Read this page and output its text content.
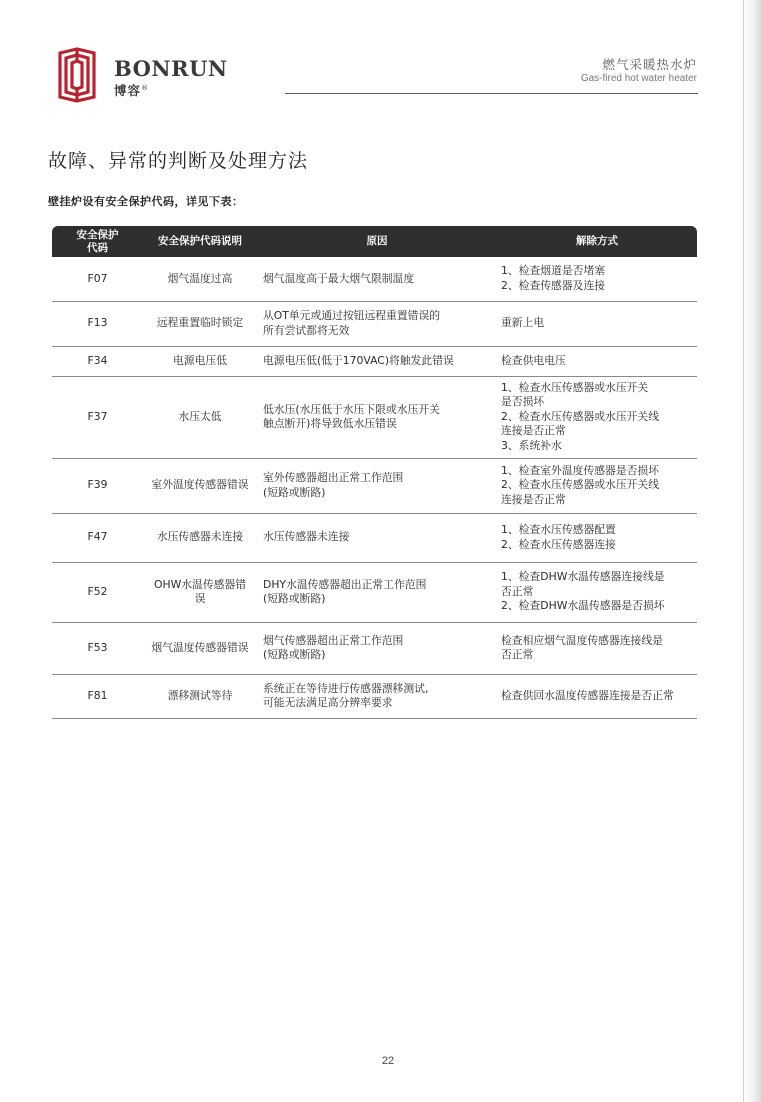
BONRUN
博容®
燃气采暖热水炉
Gas-fired hot water heater
故障、异常的判断及处理方法
壁挂炉设有安全保护代码，详见下表：
安全保护
代码	安全保护代码说明	原因	解除方式
F07	烟气温度过高	烟气温度高于最大烟气限制温度	1、检查烟道是否堵塞
2、检查传感器及连接

F13	远程重置临时锁定	从OT单元或通过按钮远程重置错误的
所有尝试都将无效	重新上电

F34	电源电压低	电源电压低(低于170VAC)将触发此错误	检查供电电压

F37	水压太低	低水压(水压低于水压下限或水压开关
触点断开)将导致低水压错误	1、检查水压传感器或水压开关
是否损坏
2、检查水压传感器或水压开关线
连接是否正常
3、系统补水

F39	室外温度传感器错误	室外传感器超出正常工作范围
(短路或断路)	1、检查室外温度传感器是否损坏
2、检查水压传感器或水压开关线
连接是否正常

F47	水压传感器未连接	水压传感器未连接	1、检查水压传感器配置
2、检查水压传感器连接

F52	OHW水温传感器错误	DHY水温传感器超出正常工作范围
(短路或断路)	1、检查DHW水温传感器连接线是
否正常
2、检查DHW水温传感器是否损坏

F53	烟气温度传感器错误	烟气传感器超出正常工作范围
(短路或断路)	检查相应烟气温度传感器连接线是
否正常

F81	漂移测试等待	系统正在等待进行传感器漂移测试,
可能无法满足高分辨率要求	检查供回水温度传感器连接是否正常
22
